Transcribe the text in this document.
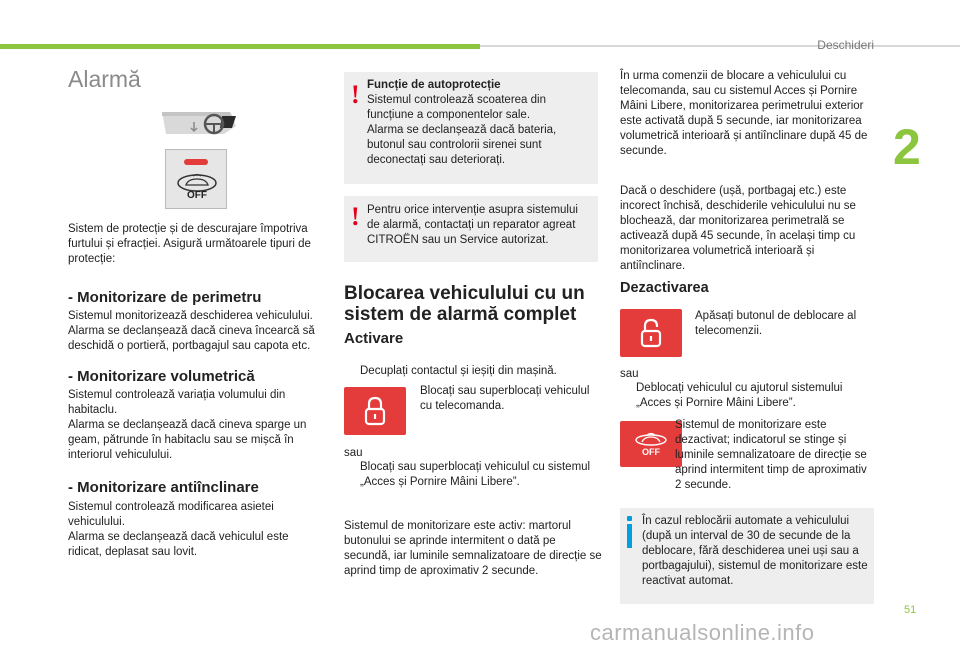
Deschideri
2
51
Alarmă
OFF
Sistem de protecție și de descurajare împotriva furtului și efracției. Asigură următoarele tipuri de protecție:
- Monitorizare de perimetru
Sistemul monitorizează deschiderea vehiculului.
Alarma se declanșează dacă cineva încearcă să deschidă o portieră, portbagajul sau capota etc.
- Monitorizare volumetrică
Sistemul controlează variația volumului din habitaclu.
Alarma se declanșează dacă cineva sparge un geam, pătrunde în habitaclu sau se mișcă în interiorul vehiculului.
- Monitorizare antiînclinare
Sistemul controlează modificarea asietei vehiculului.
Alarma se declanșează dacă vehiculul este ridicat, deplasat sau lovit.
! Funcție de autoprotecție
Sistemul controlează scoaterea din funcțiune a componentelor sale.
Alarma se declanșează dacă bateria, butonul sau controlorii sirenei sunt deconectați sau deteriorați.
! Pentru orice intervenție asupra sistemului de alarmă, contactați un reparator agreat CITROËN sau un Service autorizat.
Blocarea vehiculului cu un sistem de alarmă complet
Activare
Decuplați contactul și ieșiți din mașină.
Blocați sau superblocați vehiculul cu telecomanda.
sau
Blocați sau superblocați vehiculul cu sistemul „Acces și Pornire Mâini Libere”.
Sistemul de monitorizare este activ: martorul butonului se aprinde intermitent o dată pe secundă, iar luminile semnalizatoare de direcție se aprind timp de aproximativ 2 secunde.
În urma comenzii de blocare a vehiculului cu telecomanda, sau cu sistemul Acces și Pornire Mâini Libere, monitorizarea perimetrului exterior este activată după 5 secunde, iar monitorizarea volumetrică interioară și antiînclinare după 45 de secunde.
Dacă o deschidere (ușă, portbagaj etc.) este incorect închisă, deschiderile vehiculului nu se blochează, dar monitorizarea perimetrală se activează după 45 secunde, în același timp cu monitorizarea volumetrică interioară și antiînclinare.
Dezactivarea
Apăsați butonul de deblocare al telecomenzii.
sau
Deblocați vehiculul cu ajutorul sistemului „Acces și Pornire Mâini Libere”.
OFF
Sistemul de monitorizare este dezactivat; indicatorul se stinge și luminile semnalizatoare de direcție se aprind intermitent timp de aproximativ 2 secunde.
În cazul reblocării automate a vehiculului (după un interval de 30 de secunde de la deblocare, fără deschiderea unei uși sau a portbagajului), sistemul de monitorizare este reactivat automat.
carmanualsonline.info
